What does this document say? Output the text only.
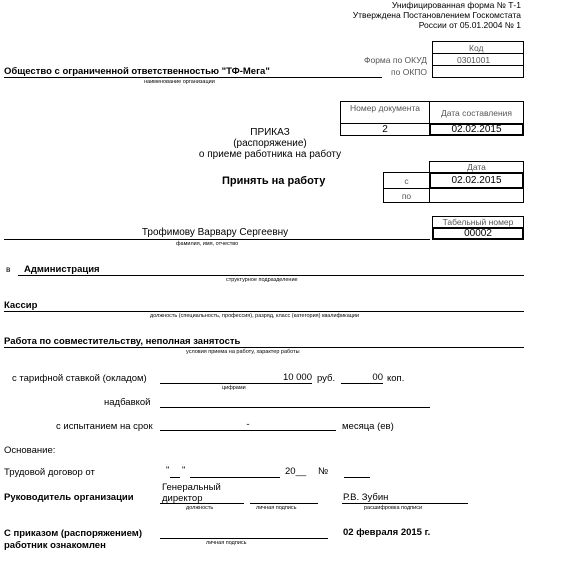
Унифицированная форма № Т-1
Утверждена Постановлением Госкомстата
России от 05.01.2004 № 1
Код
0301001
Форма по ОКУД
по ОКПО
Общество с ограниченной ответственностью "ТФ-Мега"
наименование организации
Номер документа	Дата составления
2	02.02.2015
ПРИКАЗ
(распоряжение)
о приеме работника на работу
Принять на работу
Дата
с	02.02.2015
по
Табельный номер
00002
Трофимову Варвару Сергеевну
фамилия, имя, отчество
в Администрация
структурное подразделение
Кассир
должность (специальность, профессия), разряд, класс (категория) квалификации
Работа по совместительству, неполная занятость
условия приема на работу, характер работы
с тарифной ставкой (окладом)	10 000 руб.	00 коп.
цифрами
надбавкой
с испытанием на срок	-	месяца (ев)
Основание:
Трудовой договор от	" "	20__ №
Руководитель организации
Генеральный директор
должность	личная подпись
Р.В. Зубин
расшифровка подписи
С приказом (распоряжением)
работник ознакомлен	личная подпись
02 февраля 2015 г.
